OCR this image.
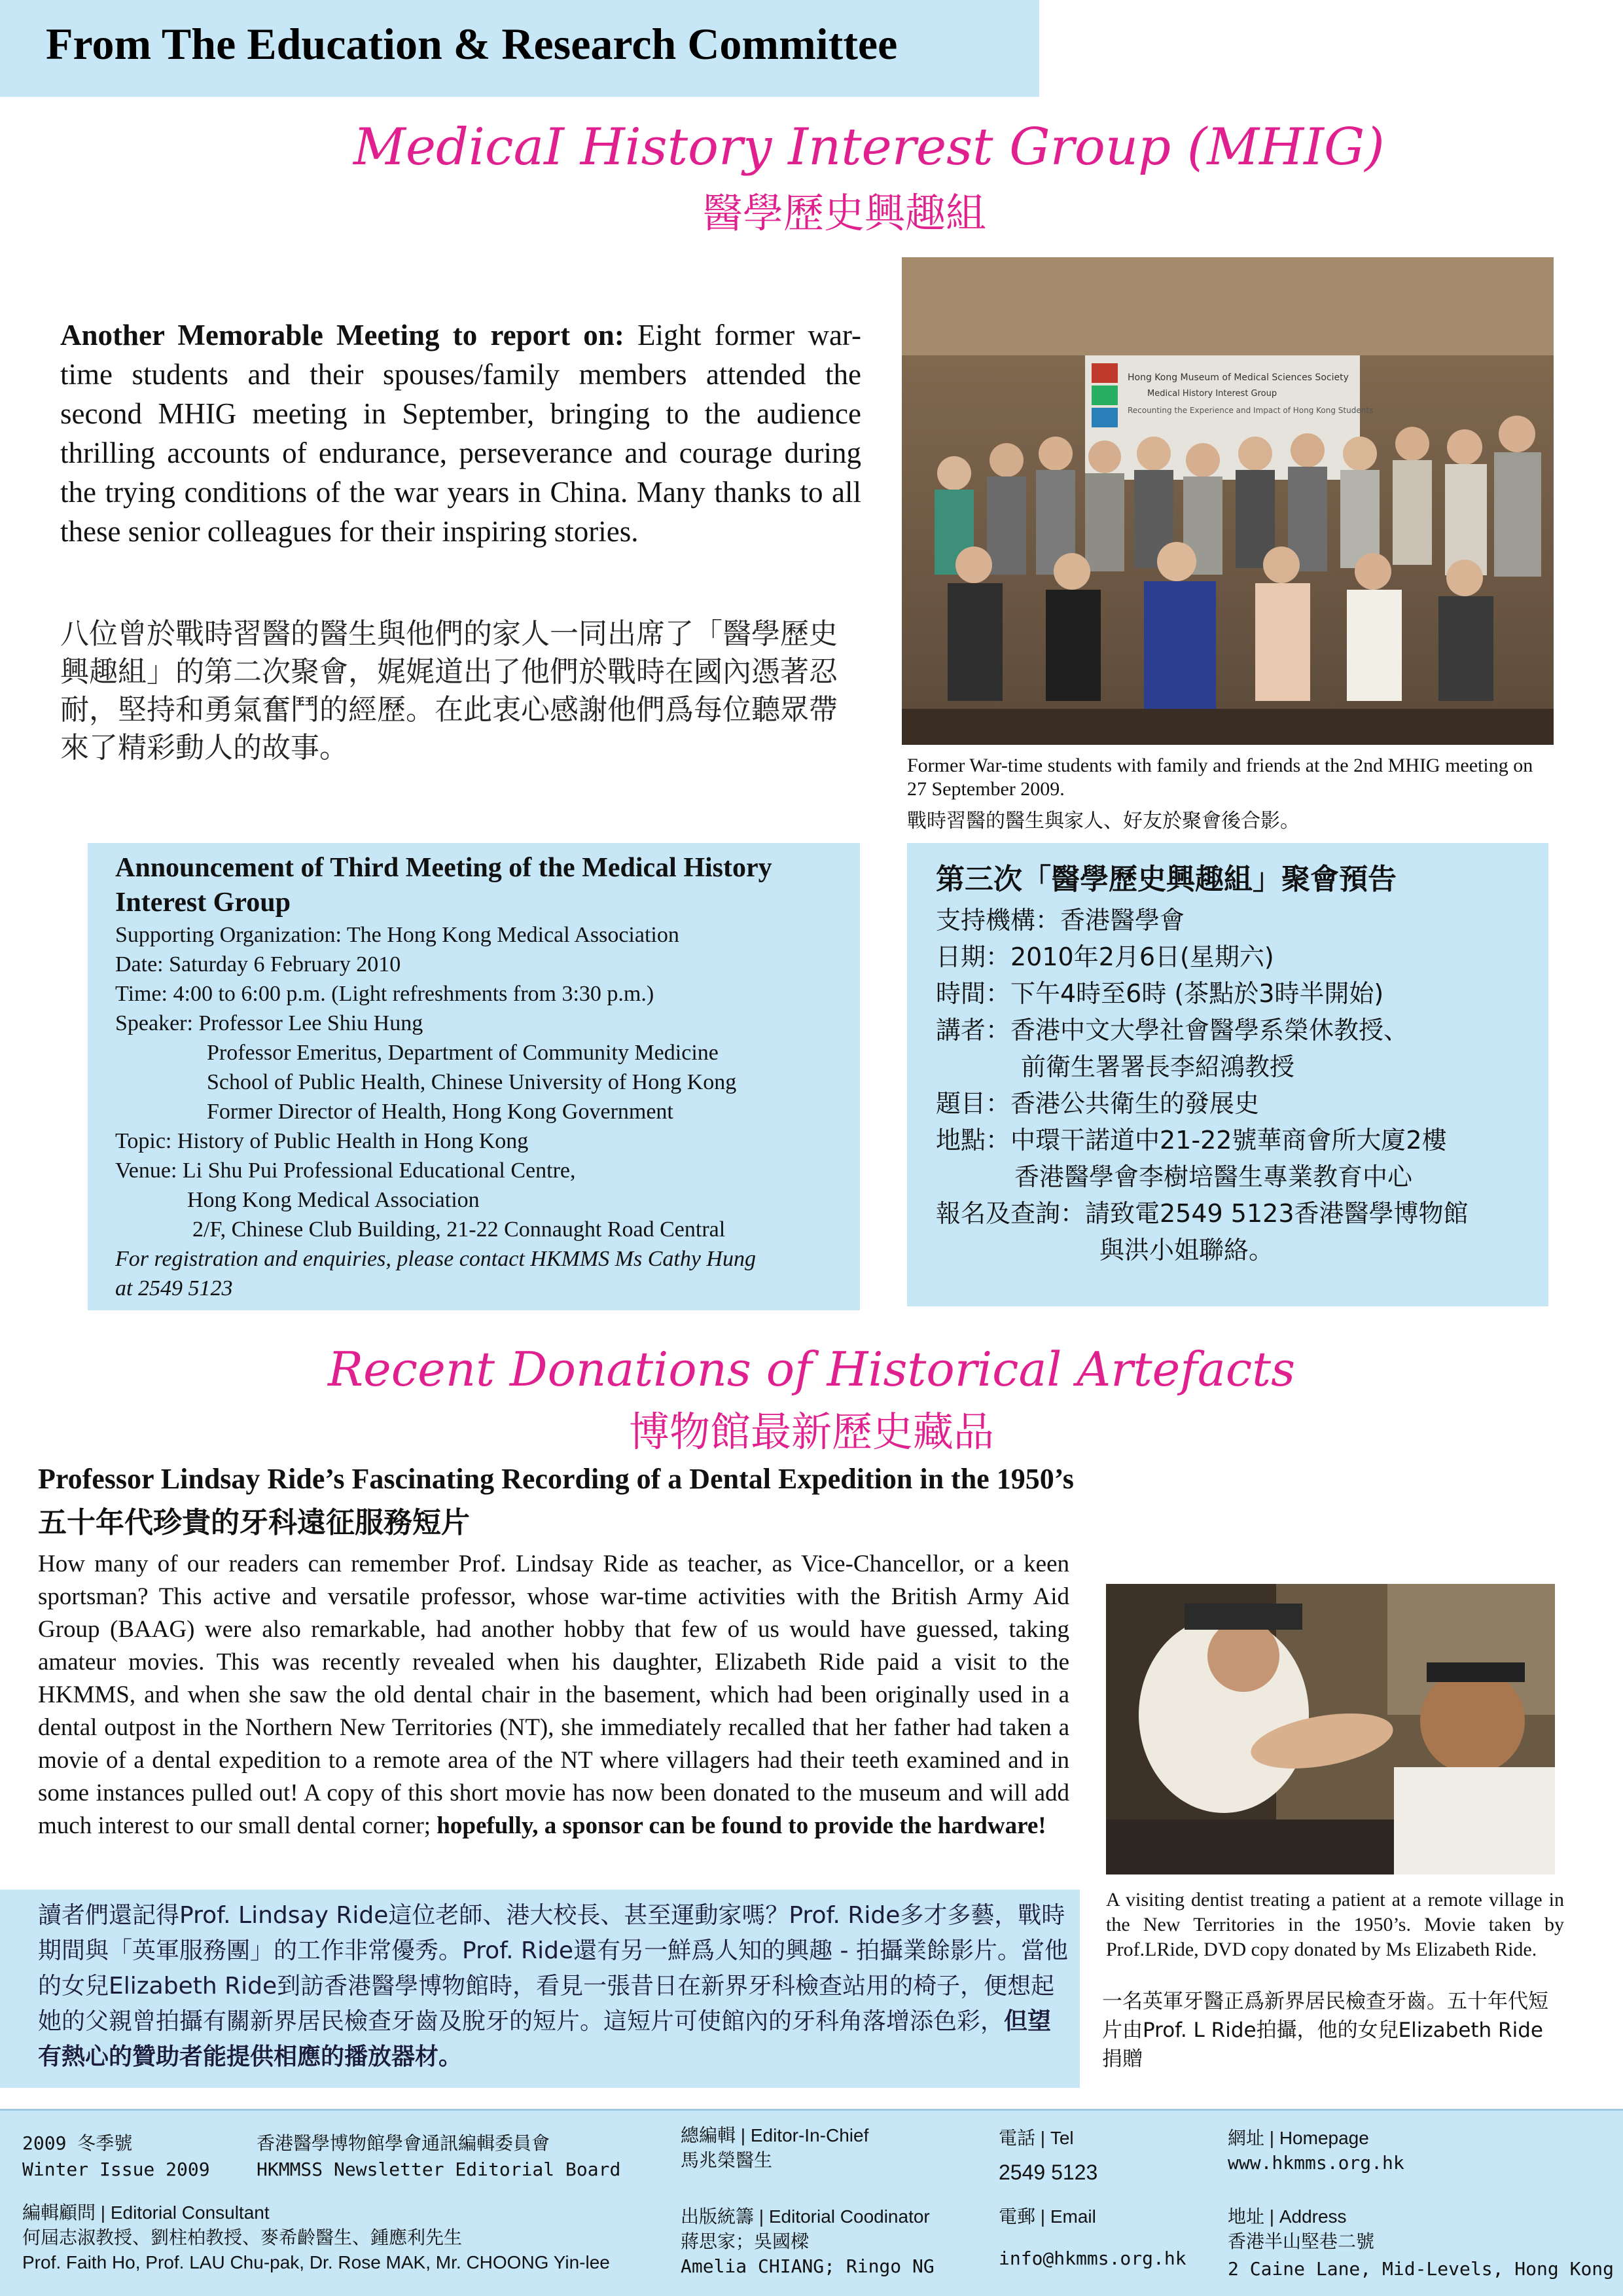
From The Education & Research Committee
MedicaI History Interest Group (MHIG)
醫學歷史興趣組
Another Memorable Meeting to report on: Eight former war-time students and their spouses/family members attended the second MHIG meeting in September, bringing to the audience thrilling accounts of endurance, perseverance and courage during the trying conditions of the war years in China. Many thanks to all these senior colleagues for their inspiring stories.
八位曾於戰時習醫的醫生與他們的家人一同出席了「醫學歷史興趣組」的第二次聚會，娓娓道出了他們於戰時在國內憑著忍耐，堅持和勇氣奮鬥的經歷。在此衷心感謝他們爲每位聽眾帶來了精彩動人的故事。
Hong Kong Museum of Medical Sciences Society
Medical History Interest Group
Recounting the Experience and Impact of Hong Kong Students
Former War-time students with family and friends at the 2nd MHIG meeting on 27 September 2009.
戰時習醫的醫生與家人、好友於聚會後合影。
Announcement of Third Meeting of the Medical History
Interest Group
Supporting Organization: The Hong Kong Medical Association
Date: Saturday 6 February 2010
Time: 4:00 to 6:00 p.m. (Light refreshments from 3:30 p.m.)
Speaker: Professor Lee Shiu Hung
Professor Emeritus, Department of Community Medicine
School of Public Health, Chinese University of Hong Kong
Former Director of Health, Hong Kong Government
Topic: History of Public Health in Hong Kong
Venue: Li Shu Pui Professional Educational Centre,
Hong Kong Medical Association
2/F, Chinese Club Building, 21-22 Connaught Road Central
For registration and enquiries, please contact HKMMS Ms Cathy Hung
at 2549 5123
第三次「醫學歷史興趣組」聚會預告
支持機構：香港醫學會
日期：2010年2月6日(星期六)
時間：下午4時至6時 (茶點於3時半開始)
講者：香港中文大學社會醫學系榮休教授、
前衛生署署長李紹鴻教授
題目：香港公共衛生的發展史
地點：中環干諾道中21-22號華商會所大廈2樓
香港醫學會李樹培醫生專業教育中心
報名及查詢：請致電2549 5123香港醫學博物館
與洪小姐聯絡。
Recent Donations of Historical Artefacts
博物館最新歷史藏品
Professor Lindsay Ride’s Fascinating Recording of a Dental Expedition in the 1950’s
五十年代珍貴的牙科遠征服務短片
How many of our readers can remember Prof. Lindsay Ride as teacher, as Vice-Chancellor, or a keen sportsman? This active and versatile professor, whose war-time activities with the British Army Aid Group (BAAG) were also remarkable, had another hobby that few of us would have guessed, taking amateur movies. This was recently revealed when his daughter, Elizabeth Ride paid a visit to the HKMMS, and when she saw the old dental chair in the basement, which had been originally used in a dental outpost in the Northern New Territories (NT), she immediately recalled that her father had taken a movie of a dental expedition to a remote area of the NT where villagers had their teeth examined and in some instances pulled out! A copy of this short movie has now been donated to the museum and will add much interest to our small dental corner; hopefully, a sponsor can be found to provide the hardware!
讀者們還記得Prof. Lindsay Ride這位老師、港大校長、甚至運動家嗎？Prof. Ride多才多藝，戰時期間與「英軍服務團」的工作非常優秀。Prof. Ride還有另一鮮爲人知的興趣 - 拍攝業餘影片。當他的女兒Elizabeth Ride到訪香港醫學博物館時，看見一張昔日在新界牙科檢查站用的椅子，便想起她的父親曾拍攝有關新界居民檢查牙齒及脫牙的短片。這短片可使館內的牙科角落增添色彩，但望有熱心的贊助者能提供相應的播放器材。
A visiting dentist treating a patient at a remote village in the New Territories in the 1950’s. Movie taken by Prof.LRide, DVD copy donated by Ms Elizabeth Ride.
一名英軍牙醫正爲新界居民檢查牙齒。五十年代短片由Prof. L Ride拍攝，他的女兒Elizabeth Ride捐贈
2009 冬季號
Winter Issue 2009
香港醫學博物館學會通訊編輯委員會
HKMMSS Newsletter Editorial Board
總編輯 | Editor-In-Chief
馬兆榮醫生
電話 | Tel
2549 5123
網址 | Homepage
www.hkmms.org.hk
編輯顧問 | Editorial Consultant
何屆志淑教授、劉柱柏教授、麥希齡醫生、鍾應利先生
Prof. Faith Ho, Prof. LAU Chu-pak, Dr. Rose MAK, Mr. CHOONG Yin-lee
出版統籌 | Editorial Coodinator
蔣思家；吳國樑
Amelia CHIANG; Ringo NG
電郵 | Email
info@hkmms.org.hk
地址 | Address
香港半山堅巷二號
2 Caine Lane, Mid-Levels, Hong Kong
